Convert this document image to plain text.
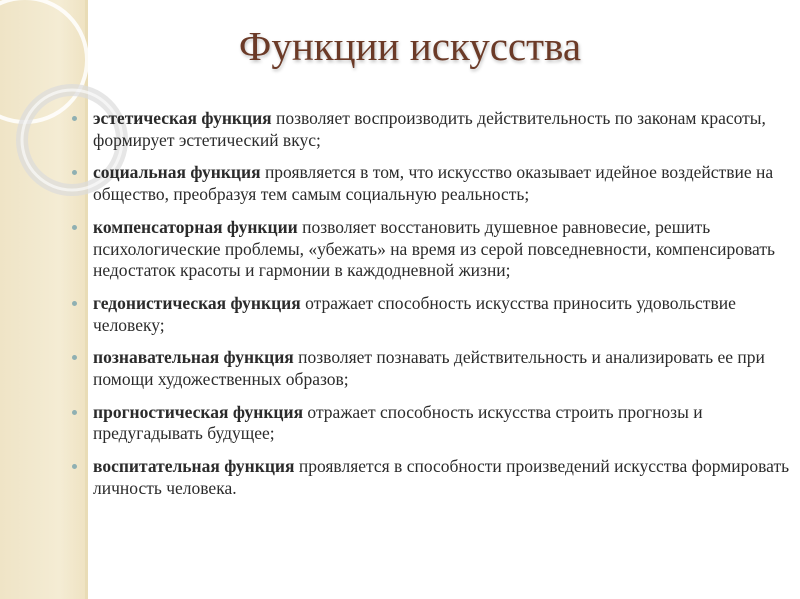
Функции искусства
эстетическая функция позволяет воспроизводить действительность по законам красоты, формирует эстетический вкус;
социальная функция проявляется в том, что искусство оказывает идейное воздействие на общество, преобразуя тем самым социальную реальность;
компенсаторная функции позволяет восстановить душевное равновесие, решить психологические проблемы, «убежать» на время из серой повседневности, компенсировать недостаток красоты и гармонии в каждодневной жизни;
гедонистическая функция отражает способность искусства приносить удовольствие человеку;
познавательная функция позволяет познавать действительность и анализировать ее при помощи художественных образов;
прогностическая функция отражает способность искусства строить прогнозы и предугадывать будущее;
воспитательная функция проявляется в способности произведений искусства формировать личность человека.
